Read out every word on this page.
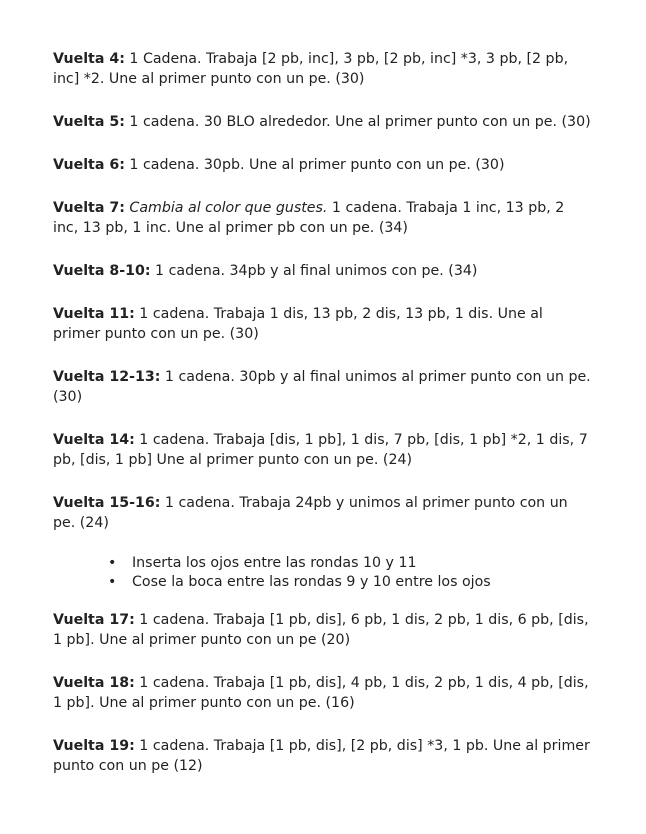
Vuelta 4: 1 Cadena. Trabaja [2 pb, inc], 3 pb, [2 pb, inc] *3, 3 pb, [2 pb, inc] *2. Une al primer punto con un pe. (30)

Vuelta 5: 1 cadena. 30 BLO alrededor. Une al primer punto con un pe. (30)

Vuelta 6: 1 cadena. 30pb. Une al primer punto con un pe. (30)

Vuelta 7: Cambia al color que gustes. 1 cadena. Trabaja 1 inc, 13 pb, 2 inc, 13 pb, 1 inc. Une al primer pb con un pe. (34)

Vuelta 8-10: 1 cadena. 34pb y al final unimos con pe. (34)

Vuelta 11: 1 cadena. Trabaja 1 dis, 13 pb, 2 dis, 13 pb, 1 dis. Une al primer punto con un pe. (30)

Vuelta 12-13: 1 cadena. 30pb y al final unimos al primer punto con un pe. (30)

Vuelta 14: 1 cadena. Trabaja [dis, 1 pb], 1 dis, 7 pb, [dis, 1 pb] *2, 1 dis, 7 pb, [dis, 1 pb] Une al primer punto con un pe. (24)

Vuelta 15-16: 1 cadena. Trabaja 24pb y unimos al primer punto con un pe. (24)

• Inserta los ojos entre las rondas 10 y 11
• Cose la boca entre las rondas 9 y 10 entre los ojos

Vuelta 17: 1 cadena. Trabaja [1 pb, dis], 6 pb, 1 dis, 2 pb, 1 dis, 6 pb, [dis, 1 pb]. Une al primer punto con un pe (20)

Vuelta 18: 1 cadena. Trabaja [1 pb, dis], 4 pb, 1 dis, 2 pb, 1 dis, 4 pb, [dis, 1 pb]. Une al primer punto con un pe. (16)

Vuelta 19: 1 cadena. Trabaja [1 pb, dis], [2 pb, dis] *3, 1 pb. Une al primer punto con un pe (12)
